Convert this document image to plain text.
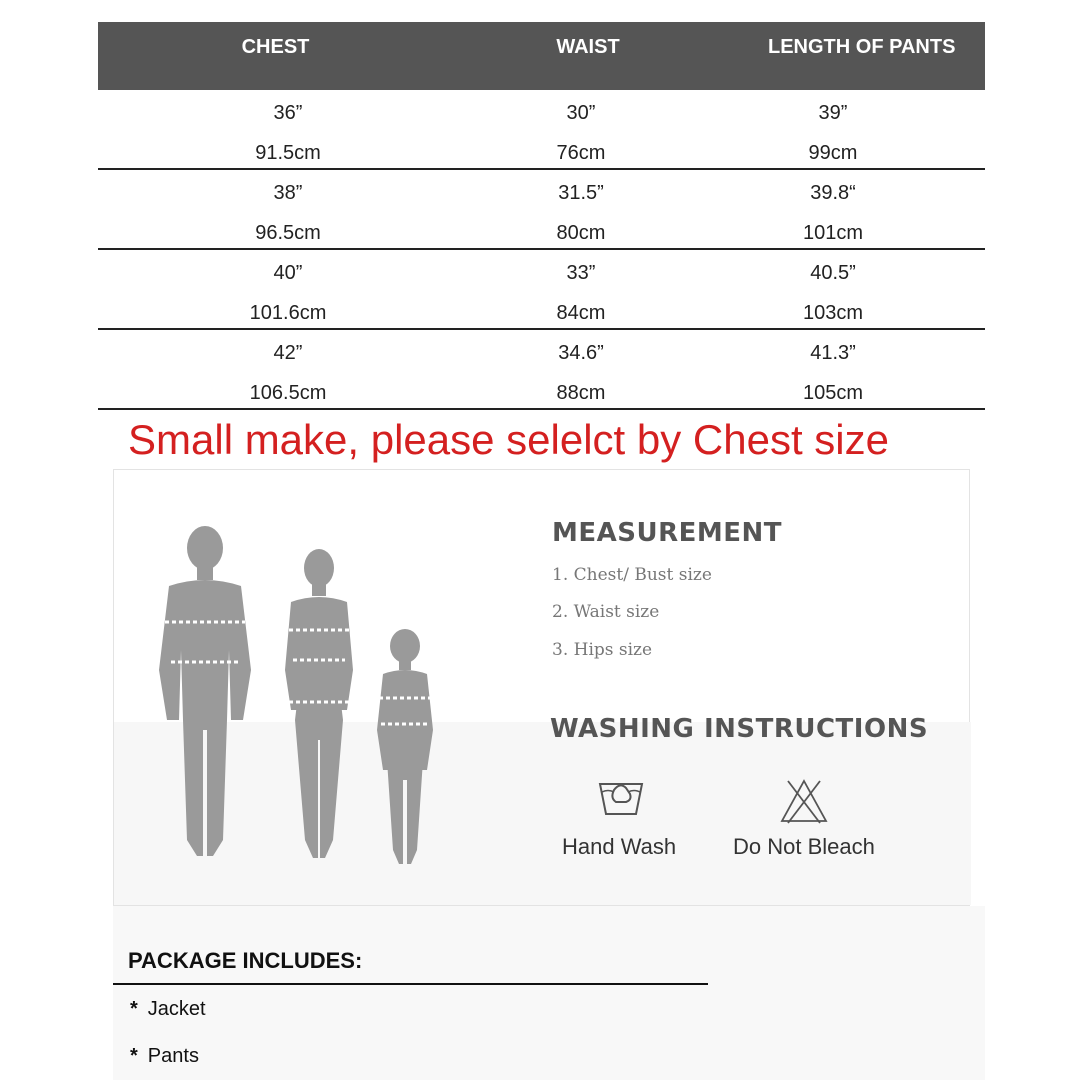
CHEST	WAIST	LENGTH OF PANTS
36”	30”	39”
91.5cm	76cm	99cm
38”	31.5”	39.8“
96.5cm	80cm	101cm
40”	33”	40.5”
101.6cm	84cm	103cm
42”	34.6”	41.3”
106.5cm	88cm	105cm
Small make, please selelct by Chest size
MEASUREMENT
1. Chest/ Bust size
2. Waist size
3. Hips size
WASHING INSTRUCTIONS
Hand Wash	Do Not Bleach
PACKAGE INCLUDES:
* Jacket
* Pants
